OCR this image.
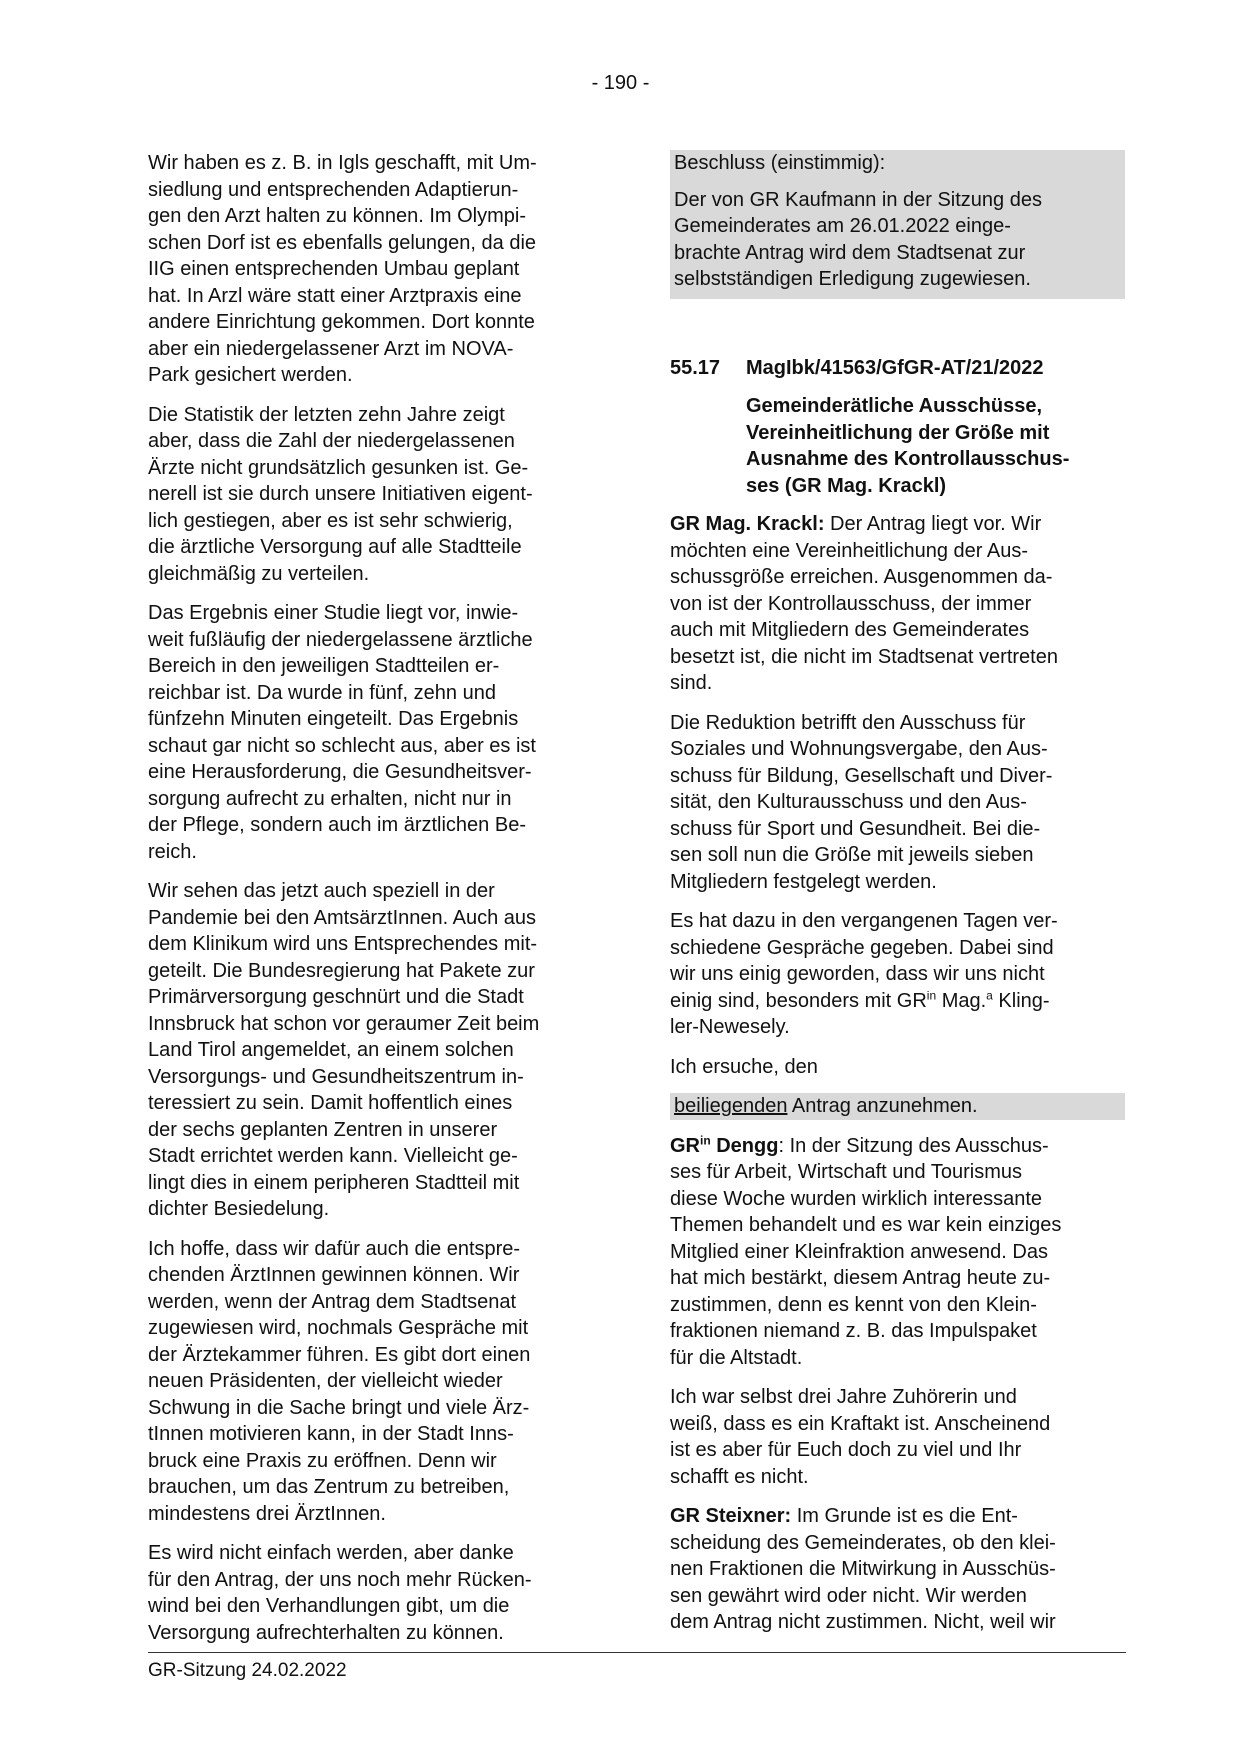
- 190 -

Wir haben es z. B. in Igls geschafft, mit Um-
siedlung und entsprechenden Adaptierun-
gen den Arzt halten zu können. Im Olympi-
schen Dorf ist es ebenfalls gelungen, da die
IIG einen entsprechenden Umbau geplant
hat. In Arzl wäre statt einer Arztpraxis eine
andere Einrichtung gekommen. Dort konnte
aber ein niedergelassener Arzt im NOVA-
Park gesichert werden.

Die Statistik der letzten zehn Jahre zeigt
aber, dass die Zahl der niedergelassenen
Ärzte nicht grundsätzlich gesunken ist. Ge-
nerell ist sie durch unsere Initiativen eigent-
lich gestiegen, aber es ist sehr schwierig,
die ärztliche Versorgung auf alle Stadtteile
gleichmäßig zu verteilen.

Das Ergebnis einer Studie liegt vor, inwie-
weit fußläufig der niedergelassene ärztliche
Bereich in den jeweiligen Stadtteilen er-
reichbar ist. Da wurde in fünf, zehn und
fünfzehn Minuten eingeteilt. Das Ergebnis
schaut gar nicht so schlecht aus, aber es ist
eine Herausforderung, die Gesundheitsver-
sorgung aufrecht zu erhalten, nicht nur in
der Pflege, sondern auch im ärztlichen Be-
reich.

Wir sehen das jetzt auch speziell in der
Pandemie bei den AmtsärztInnen. Auch aus
dem Klinikum wird uns Entsprechendes mit-
geteilt. Die Bundesregierung hat Pakete zur
Primärversorgung geschnürt und die Stadt
Innsbruck hat schon vor geraumer Zeit beim
Land Tirol angemeldet, an einem solchen
Versorgungs- und Gesundheitszentrum in-
teressiert zu sein. Damit hoffentlich eines
der sechs geplanten Zentren in unserer
Stadt errichtet werden kann. Vielleicht ge-
lingt dies in einem peripheren Stadtteil mit
dichter Besiedelung.

Ich hoffe, dass wir dafür auch die entspre-
chenden ÄrztInnen gewinnen können. Wir
werden, wenn der Antrag dem Stadtsenat
zugewiesen wird, nochmals Gespräche mit
der Ärztekammer führen. Es gibt dort einen
neuen Präsidenten, der vielleicht wieder
Schwung in die Sache bringt und viele Ärz-
tInnen motivieren kann, in der Stadt Inns-
bruck eine Praxis zu eröffnen. Denn wir
brauchen, um das Zentrum zu betreiben,
mindestens drei ÄrztInnen.

Es wird nicht einfach werden, aber danke
für den Antrag, der uns noch mehr Rücken-
wind bei den Verhandlungen gibt, um die
Versorgung aufrechterhalten zu können.

Beschluss (einstimmig):

Der von GR Kaufmann in der Sitzung des
Gemeinderates am 26.01.2022 einge-
brachte Antrag wird dem Stadtsenat zur
selbstständigen Erledigung zugewiesen.

55.17	MagIbk/41563/GfGR-AT/21/2022

Gemeinderätliche Ausschüsse,
Vereinheitlichung der Größe mit
Ausnahme des Kontrollausschus-
ses (GR Mag. Krackl)

GR Mag. Krackl: Der Antrag liegt vor. Wir
möchten eine Vereinheitlichung der Aus-
schussgröße erreichen. Ausgenommen da-
von ist der Kontrollausschuss, der immer
auch mit Mitgliedern des Gemeinderates
besetzt ist, die nicht im Stadtsenat vertreten
sind.

Die Reduktion betrifft den Ausschuss für
Soziales und Wohnungsvergabe, den Aus-
schuss für Bildung, Gesellschaft und Diver-
sität, den Kulturausschuss und den Aus-
schuss für Sport und Gesundheit. Bei die-
sen soll nun die Größe mit jeweils sieben
Mitgliedern festgelegt werden.

Es hat dazu in den vergangenen Tagen ver-
schiedene Gespräche gegeben. Dabei sind
wir uns einig geworden, dass wir uns nicht
einig sind, besonders mit $GR^{in}$ Mag.$^a$ Kling-
ler-Newesely.

Ich ersuche, den

beiliegenden Antrag anzunehmen.

$GR^{in}$ Dengg: In der Sitzung des Ausschus-
ses für Arbeit, Wirtschaft und Tourismus
diese Woche wurden wirklich interessante
Themen behandelt und es war kein einziges
Mitglied einer Kleinfraktion anwesend. Das
hat mich bestärkt, diesem Antrag heute zu-
zustimmen, denn es kennt von den Klein-
fraktionen niemand z. B. das Impulspaket
für die Altstadt.

Ich war selbst drei Jahre Zuhörerin und
weiß, dass es ein Kraftakt ist. Anscheinend
ist es aber für Euch doch zu viel und Ihr
schafft es nicht.

GR Steixner: Im Grunde ist es die Ent-
scheidung des Gemeinderates, ob den klei-
nen Fraktionen die Mitwirkung in Ausschüs-
sen gewährt wird oder nicht. Wir werden
dem Antrag nicht zustimmen. Nicht, weil wir

GR-Sitzung 24.02.2022
